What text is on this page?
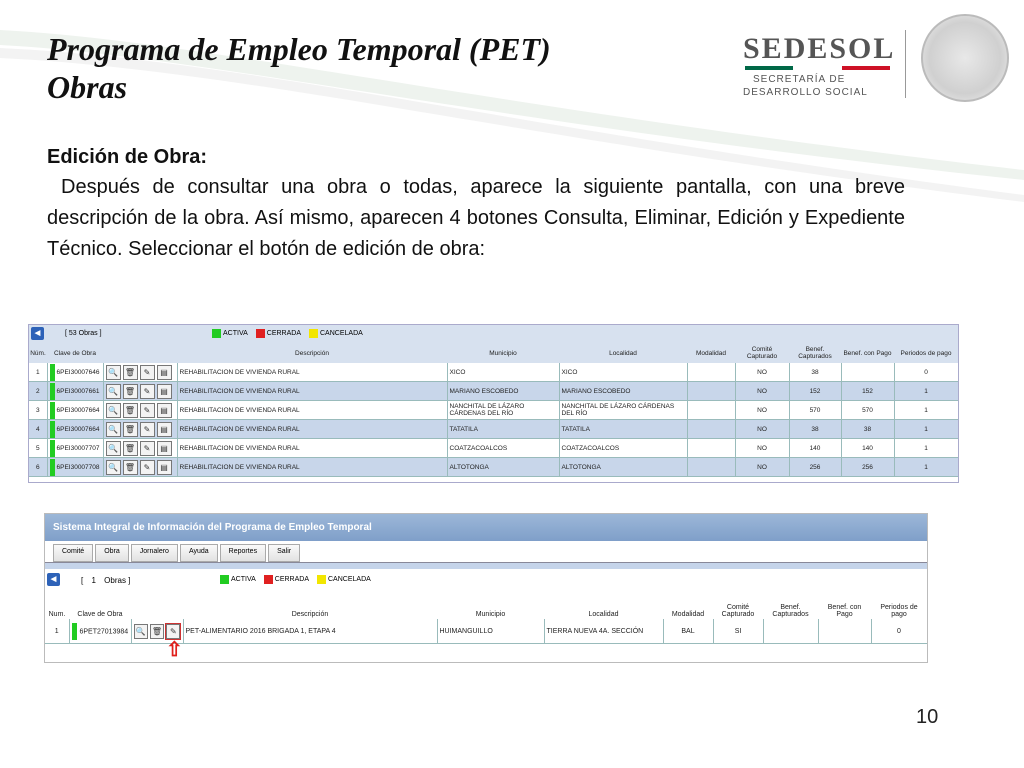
Programa de Empleo Temporal (PET)
Obras
SEDESOL
SECRETARÍA DE
DESARROLLO SOCIAL
Edición de Obra:

Después de consultar una obra o todas, aparece la siguiente pantalla, con una breve descripción de la obra. Así mismo, aparecen 4 botones Consulta, Eliminar, Edición y Expediente Técnico. Seleccionar el botón de edición de obra:

◄	[ 53 Obras ]	ACTIVA	CERRADA	CANCELADA
Núm.	Clave de Obra		Descripción	Municipio	Localidad	Modalidad	Comité Capturado	Benef. Capturados	Benef. con Pago	Periodos de pago
1	6PEI30007646	🔍 🗑 ✎ ▤	REHABILITACION DE VIVIENDA RURAL	XICO	XICO		NO	38		0
2	6PEI30007661	🔍 🗑 ✎ ▤	REHABILITACION DE VIVIENDA RURAL	MARIANO ESCOBEDO	MARIANO ESCOBEDO		NO	152	152	1
3	6PEI30007664	🔍 🗑 ✎ ▤	REHABILITACION DE VIVIENDA RURAL	NANCHITAL DE LÁZARO CÁRDENAS DEL RÍO	NANCHITAL DE LÁZARO CÁRDENAS DEL RÍO		NO	570	570	1
4	6PEI30007664	🔍 🗑 ✎ ▤	REHABILITACION DE VIVIENDA RURAL	TATATILA	TATATILA		NO	38	38	1
5	6PEI30007707	🔍 🗑 ✎ ▤	REHABILITACION DE VIVIENDA RURAL	COATZACOALCOS	COATZACOALCOS		NO	140	140	1
6	6PEI30007708	🔍 🗑 ✎ ▤	REHABILITACION DE VIVIENDA RURAL	ALTOTONGA	ALTOTONGA		NO	256	256	1
Sistema Integral de Información del Programa de Empleo Temporal
Comité	Obra	Jornalero	Ayuda	Reportes	Salir
◄	[ 1 Obras ]	ACTIVA	CERRADA	CANCELADA
Num.	Clave de Obra		Descripción	Municipio	Localidad	Modalidad	Comité Capturado	Benef. Capturados	Benef. con Pago	Periodos de pago
1	6PET27013984	🔍 🗑 ✎	PET-ALIMENTARIO 2016 BRIGADA 1, ETAPA 4	HUIMANGUILLO	TIERRA NUEVA 4A. SECCIÓN	BAL	SI			0
⇧
10
